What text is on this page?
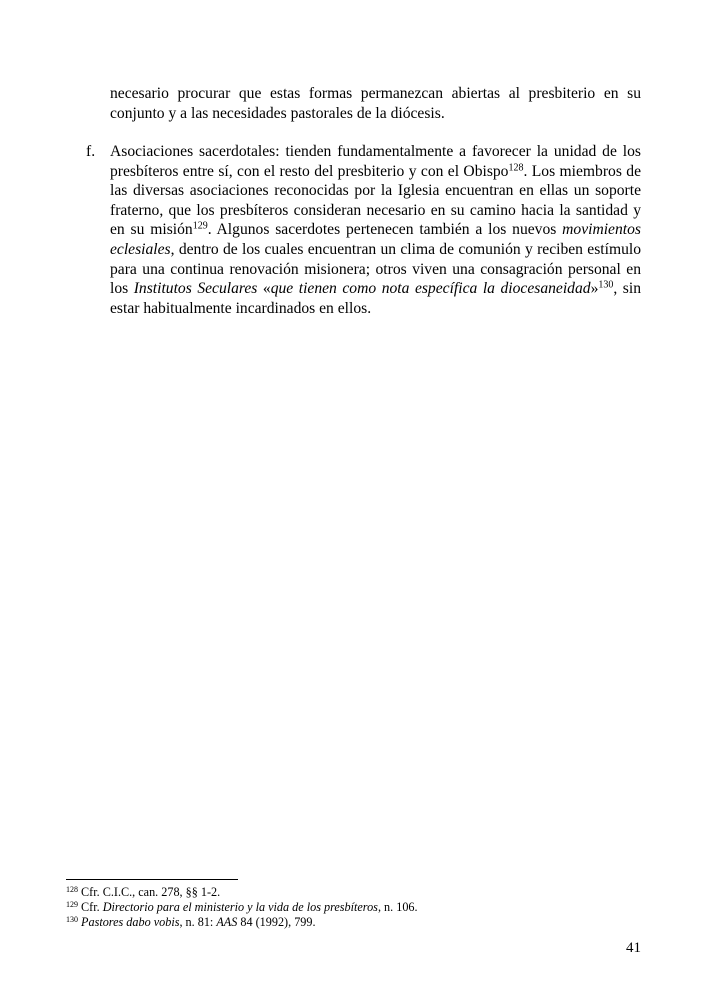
necesario procurar que estas formas permanezcan abiertas al presbiterio en su conjunto y a las necesidades pastorales de la diócesis.
f. Asociaciones sacerdotales: tienden fundamentalmente a favorecer la unidad de los presbíteros entre sí, con el resto del presbiterio y con el Obispo$^{128}$. Los miembros de las diversas asociaciones reconocidas por la Iglesia encuentran en ellas un soporte fraterno, que los presbíteros consideran necesario en su camino hacia la santidad y en su misión$^{129}$. Algunos sacerdotes pertenecen también a los nuevos movimientos eclesiales, dentro de los cuales encuentran un clima de comunión y reciben estímulo para una continua renovación misionera; otros viven una consagración personal en los Institutos Seculares «que tienen como nota específica la diocesaneidad»$^{130}$, sin estar habitualmente incardinados en ellos.
$^{128}$ Cfr. C.I.C., can. 278, §§ 1-2.
$^{129}$ Cfr. Directorio para el ministerio y la vida de los presbíteros, n. 106.
$^{130}$ Pastores dabo vobis, n. 81: AAS 84 (1992), 799.
41
